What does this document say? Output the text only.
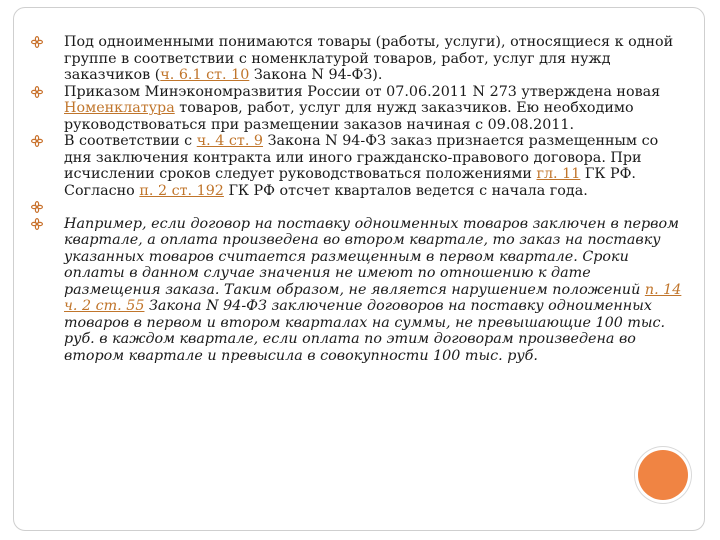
Под одноименными понимаются товары (работы, услуги), относящиеся к одной группе в соответствии с номенклатурой товаров, работ, услуг для нужд заказчиков (ч. 6.1 ст. 10 Закона N 94-ФЗ).
Приказом Минэкономразвития России от 07.06.2011 N 273 утверждена новая Номенклатура товаров, работ, услуг для нужд заказчиков. Ею необходимо руководствоваться при размещении заказов начиная с 09.08.2011.
В соответствии с ч. 4 ст. 9 Закона N 94-ФЗ заказ признается размещенным со дня заключения контракта или иного гражданско-правового договора. При исчислении сроков следует руководствоваться положениями гл. 11 ГК РФ. Согласно п. 2 ст. 192 ГК РФ отсчет кварталов ведется с начала года.
Например, если договор на поставку одноименных товаров заключен в первом квартале, а оплата произведена во втором квартале, то заказ на поставку указанных товаров считается размещенным в первом квартале. Сроки оплаты в данном случае значения не имеют по отношению к дате размещения заказа. Таким образом, не является нарушением положений п. 14 ч. 2 ст. 55 Закона N 94-ФЗ заключение договоров на поставку одноименных товаров в первом и втором кварталах на суммы, не превышающие 100 тыс. руб. в каждом квартале, если оплата по этим договорам произведена во втором квартале и превысила в совокупности 100 тыс. руб.
